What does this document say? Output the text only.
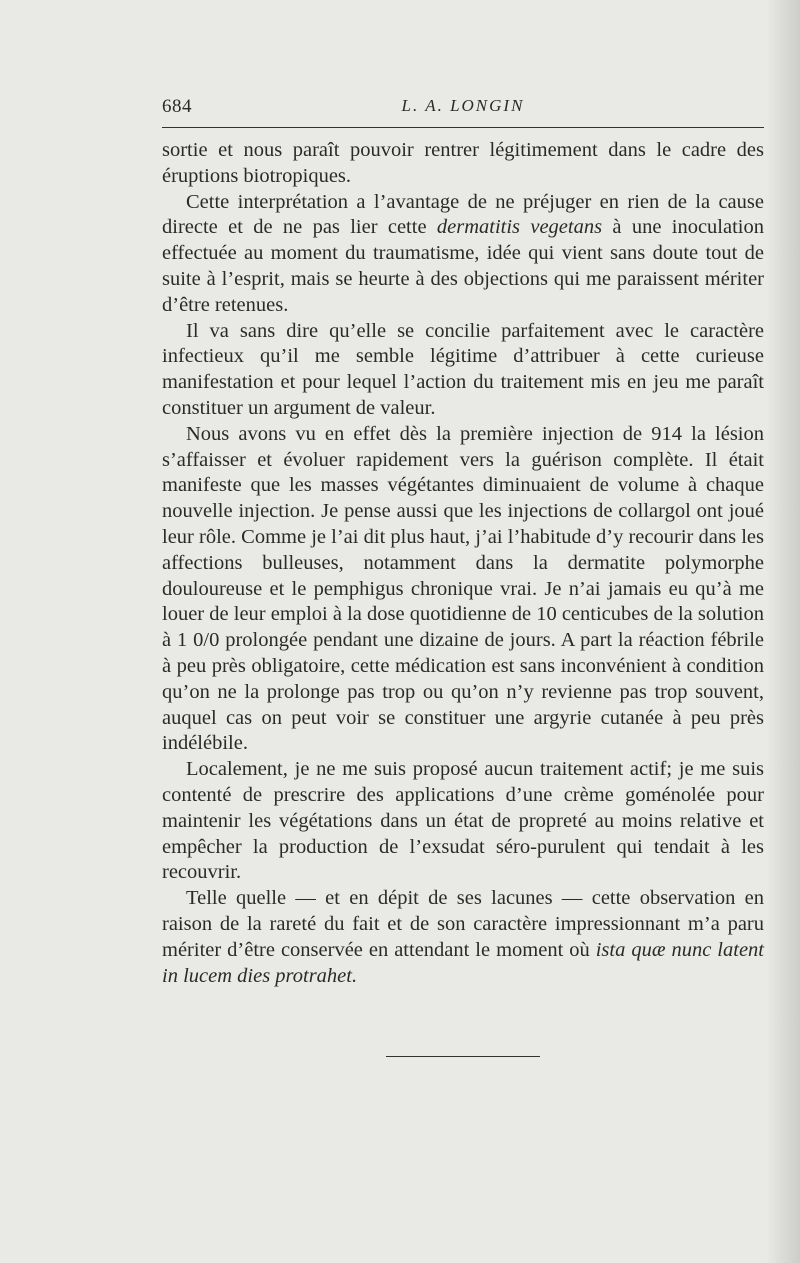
684	L. A. LONGIN

sortie et nous paraît pouvoir rentrer légitimement dans le cadre des éruptions biotropiques.

Cette interprétation a l’avantage de ne préjuger en rien de la cause directe et de ne pas lier cette dermatitis vegetans à une inoculation effectuée au moment du traumatisme, idée qui vient sans doute tout de suite à l’esprit, mais se heurte à des objections qui me paraissent mériter d’être retenues.

Il va sans dire qu’elle se concilie parfaitement avec le caractère infectieux qu’il me semble légitime d’attribuer à cette curieuse manifestation et pour lequel l’action du traitement mis en jeu me paraît constituer un argument de valeur.

Nous avons vu en effet dès la première injection de 914 la lésion s’affaisser et évoluer rapidement vers la guérison complète. Il était manifeste que les masses végétantes diminuaient de volume à chaque nouvelle injection. Je pense aussi que les injections de collargol ont joué leur rôle. Comme je l’ai dit plus haut, j’ai l’habitude d’y recourir dans les affections bulleuses, notamment dans la dermatite polymorphe douloureuse et le pemphigus chronique vrai. Je n’ai jamais eu qu’à me louer de leur emploi à la dose quotidienne de 10 centicubes de la solution à 1 0/0 prolongée pendant une dizaine de jours. A part la réaction fébrile à peu près obligatoire, cette médication est sans inconvénient à condition qu’on ne la prolonge pas trop ou qu’on n’y revienne pas trop souvent, auquel cas on peut voir se constituer une argyrie cutanée à peu près indélébile.

Localement, je ne me suis proposé aucun traitement actif; je me suis contenté de prescrire des applications d’une crème goménolée pour maintenir les végétations dans un état de propreté au moins relative et empêcher la production de l’exsudat séro-purulent qui tendait à les recouvrir.

Telle quelle — et en dépit de ses lacunes — cette observation en raison de la rareté du fait et de son caractère impressionnant m’a paru mériter d’être conservée en attendant le moment où ista quæ nunc latent in lucem dies protrahet.
